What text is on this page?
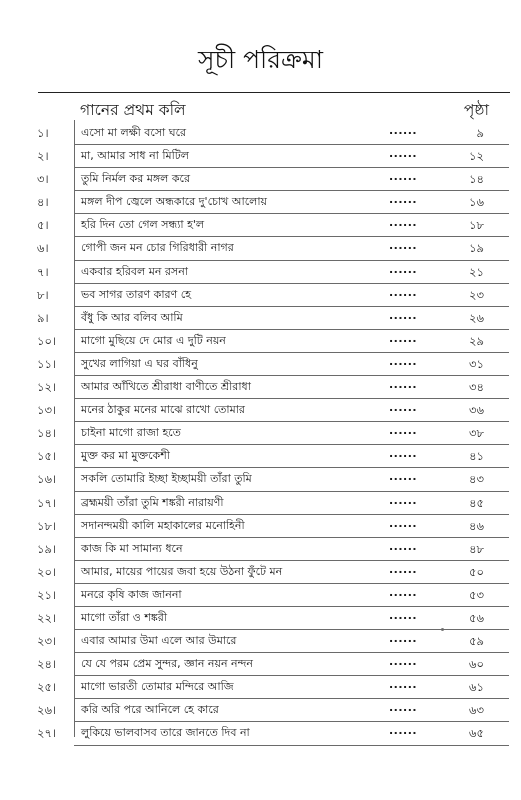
সূচী পরিক্রমা
গানের প্রথম কলি	পৃষ্ঠা
১।	এসো মা লক্ষী বসো ঘরে	......	৯
২।	মা, আমার সাধ না মিটিল	......	১২
৩।	তুমি নির্মল কর মঙ্গল করে	......	১৪
৪।	মঙ্গল দীপ জ্বেলে অন্ধকারে দু'চোখ আলোয়	......	১৬
৫।	হরি দিন তো গেল সন্ধ্যা হ'ল	......	১৮
৬।	গোপী জন মন চোর গিরিধারী নাগর	......	১৯
৭।	একবার হরিবল মন রসনা	......	২১
৮।	ভব সাগর তারণ কারণ হে	......	২৩
৯।	বঁধু কি আর বলিব আমি	......	২৬
১০।	মাগো মুছিয়ে দে মোর এ দুটি নয়ন	......	২৯
১১।	সুখের লাগিয়া এ ঘর বাঁধিনু	......	৩১
১২।	আমার আঁখিতে শ্রীরাধা বাণীতে শ্রীরাধা	......	৩৪
১৩।	মনের ঠাকুর মনের মাঝে রাখো তোমার	......	৩৬
১৪।	চাইনা মাগো রাজা হতে	......	৩৮
১৫।	মুক্ত কর মা মুক্তকেশী	......	৪১
১৬।	সকলি তোমারি ইচ্ছা ইচ্ছাময়ী তাঁরা তুমি	......	৪৩
১৭।	ব্রহ্মময়ী তাঁরা তুমি শঙ্করী নারায়ণী	......	৪৫
১৮।	সদানন্দময়ী কালি মহাকালের মনোহিনী	......	৪৬
১৯।	কাজ কি মা সামান্য ধনে	......	৪৮
২০।	আমার, মায়ের পায়ের জবা হয়ে উঠনা ফুঁটে মন	......	৫০
২১।	মনরে কৃষি কাজ জাননা	......	৫৩
২২।	মাগো তাঁরা ও শঙ্করী	......	৫৬
২৩।	এবার আমার উমা এলে আর উমারে	......	৫৯
২৪।	যে যে পরম প্রেম সুন্দর, জ্ঞান নয়ন নন্দন	......	৬০
২৫।	মাগো ভারতী তোমার মন্দিরে আজি	......	৬১
২৬।	করি অরি পরে আনিলে হে কারে	......	৬৩
২৭।	লুকিয়ে ভালবাসব তারে জানতে দিব না	......	৬৫
